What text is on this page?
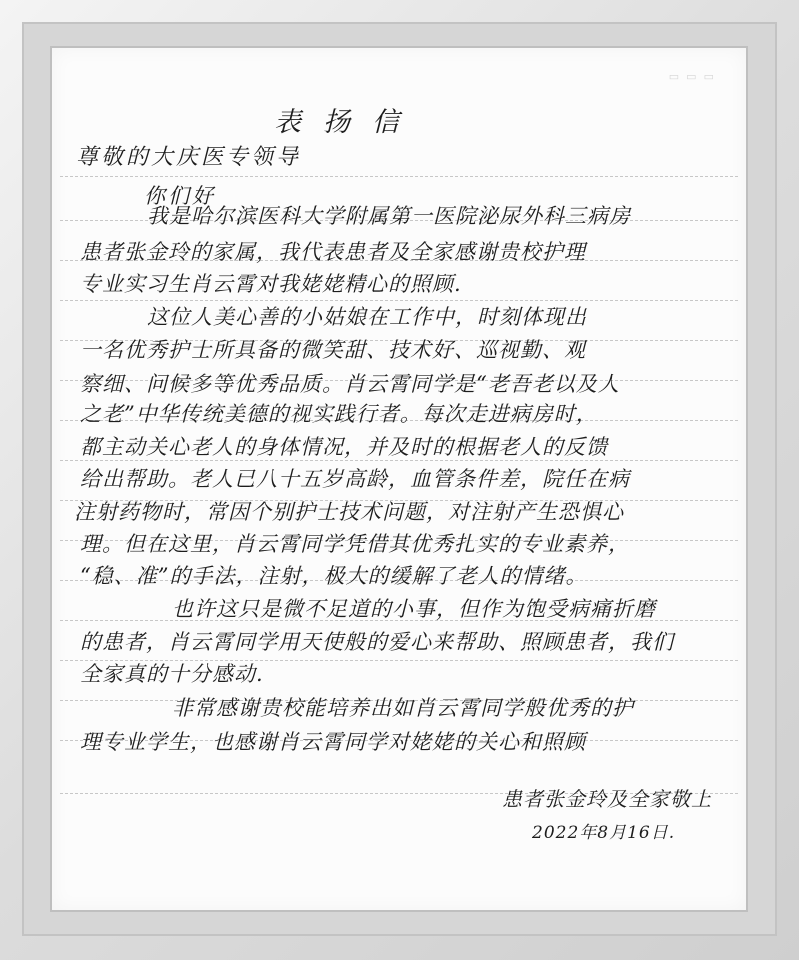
▭ ▭ ▭
表扬信
尊敬的大庆医专领导
你们好
我是哈尔滨医科大学附属第一医院泌尿外科三病房
患者张金玲的家属，我代表患者及全家感谢贵校护理
专业实习生肖云霄对我姥姥精心的照顾.
这位人美心善的小姑娘在工作中，时刻体现出
一名优秀护士所具备的微笑甜、技术好、巡视勤、观
察细、问候多等优秀品质。肖云霄同学是“老吾老以及人
之老”中华传统美德的视实践行者。每次走进病房时，
都主动关心老人的身体情况，并及时的根据老人的反馈
给出帮助。老人已八十五岁高龄，血管条件差，院任在病
注射药物时，常因个别护士技术问题，对注射产生恐惧心
理。但在这里，肖云霄同学凭借其优秀扎实的专业素养，
“稳、准”的手法，注射，极大的缓解了老人的情绪。
也许这只是微不足道的小事，但作为饱受病痛折磨
的患者，肖云霄同学用天使般的爱心来帮助、照顾患者，我们
全家真的十分感动.
非常感谢贵校能培养出如肖云霄同学般优秀的护
理专业学生，也感谢肖云霄同学对姥姥的关心和照顾
患者张金玲及全家敬上
2022年8月16日.
